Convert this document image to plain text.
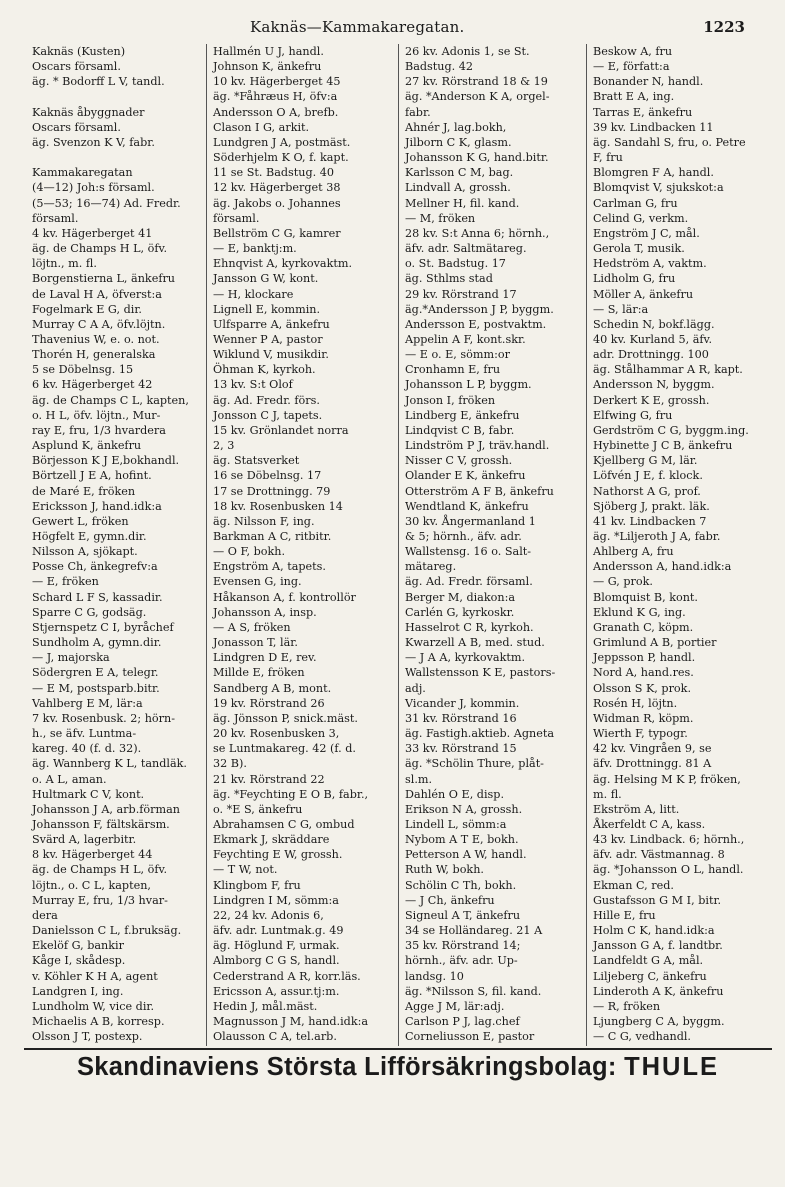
Kaknäs—Kammakaregatan.	1223
Kaknäs (Kusten)
Oscars församl.
äg. * Bodorff L V, tandl.

Kaknäs åbyggnader
Oscars församl.
äg. Svenzon K V, fabr.

Kammakaregatan
(4—12) Joh:s församl.
(5—53; 16—74) Ad. Fredr.
församl.
4 kv. Hägerberget 41
äg. de Champs H L, öfv.
löjtn., m. fl.
Borgenstierna L, änkefru
de Laval H A, öfverst:a
Fogelmark E G, dir.
Murray C A A, öfv.löjtn.
Thavenius W, e. o. not.
Thorén H, generalska
5 se Döbelnsg. 15
6 kv. Hägerberget 42
äg. de Champs C L, kapten,
o. H L, öfv. löjtn., Mur-
ray E, fru, 1/3 hvardera
Asplund K, änkefru
Börjesson K J E,bokhandl.
Börtzell J E A, hofint.
de Maré E, fröken
Ericksson J, hand.idk:a
Gewert L, fröken
Högfelt E, gymn.dir.
Nilsson A, sjökapt.
Posse Ch, änkegrefv:a
— E, fröken
Schard L F S, kassadir.
Sparre C G, godsäg.
Stjernspetz C I, byråchef
Sundholm A, gymn.dir.
— J, majorska
Södergren E A, telegr.
— E M, postsparb.bitr.
Vahlberg E M, lär:a
7 kv. Rosenbusk. 2; hörn-
h., se äfv. Luntma-
kareg. 40 (f. d. 32).
äg. Wannberg K L, tandläk.
o. A L, aman.
Hultmark C V, kont.
Johansson J A, arb.förman
Johansson F, fältskärsm.
Svärd A, lagerbitr.
8 kv. Hägerberget 44
äg. de Champs H L, öfv.
löjtn., o. C L, kapten,
Murray E, fru, 1/3 hvar-
dera
Danielsson C L, f.bruksäg.
Ekelöf G, bankir
Kåge I, skådesp.
v. Köhler K H A, agent
Landgren I, ing.
Lundholm W, vice dir.
Michaelis A B, korresp.
Olsson J T, postexp.
Hallmén U J, handl.
Johnson K, änkefru
10 kv. Hägerberget 45
äg. *Fåhræus H, öfv:a
Andersson O A, brefb.
Clason I G, arkit.
Lundgren J A, postmäst.
Söderhjelm K O, f. kapt.
11 se St. Badstug. 40
12 kv. Hägerberget 38
äg. Jakobs o. Johannes
församl.
Bellström C G, kamrer
— E, banktj:m.
Ehnqvist A, kyrkovaktm.
Jansson G W, kont.
— H, klockare
Lignell E, kommin.
Ulfsparre A, änkefru
Wenner P A, pastor
Wiklund V, musikdir.
Öhman K, kyrkoh.
13 kv. S:t Olof
äg. Ad. Fredr. förs.
Jonsson C J, tapets.
15 kv. Grönlandet norra
2, 3
äg. Statsverket
16 se Döbelnsg. 17
17 se Drottningg. 79
18 kv. Rosenbusken 14
äg. Nilsson F, ing.
Barkman A C, ritbitr.
— O F, bokh.
Engström A, tapets.
Evensen G, ing.
Håkanson A, f. kontrollör
Johansson A, insp.
— A S, fröken
Jonasson T, lär.
Lindgren D E, rev.
Millde E, fröken
Sandberg A B, mont.
19 kv. Rörstrand 26
äg. Jönsson P, snick.mäst.
20 kv. Rosenbusken 3,
se Luntmakareg. 42 (f. d.
32 B).
21 kv. Rörstrand 22
äg. *Feychting E O B, fabr.,
o. *E S, änkefru
Abrahamsen C G, ombud
Ekmark J, skräddare
Feychting E W, grossh.
— T W, not.
Klingbom F, fru
Lindgren I M, sömm:a
22, 24 kv. Adonis 6,
äfv. adr. Luntmak.g. 49
äg. Höglund F, urmak.
Almborg C G S, handl.
Cederstrand A R, korr.läs.
Ericsson A, assur.tj:m.
Hedin J, mål.mäst.
Magnusson J M, hand.idk:a
Olausson C A, tel.arb.
26 kv. Adonis 1, se St.
Badstug. 42
27 kv. Rörstrand 18 & 19
äg. *Anderson K A, orgel-
fabr.
Ahnér J, lag.bokh,
Jilborn C K, glasm.
Johansson K G, hand.bitr.
Karlsson C M, bag.
Lindvall A, grossh.
Mellner H, fil. kand.
— M, fröken
28 kv. S:t Anna 6; hörnh.,
äfv. adr. Saltmätareg.
o. St. Badstug. 17
äg. Sthlms stad
29 kv. Rörstrand 17
äg.*Andersson J P, byggm.
Andersson E, postvaktm.
Appelin A F, kont.skr.
— E o. E, sömm:or
Cronhamn E, fru
Johansson L P, byggm.
Jonson I, fröken
Lindberg E, änkefru
Lindqvist C B, fabr.
Lindström P J, träv.handl.
Nisser C V, grossh.
Olander E K, änkefru
Otterström A F B, änkefru
Wendtland K, änkefru
30 kv. Ångermanland 1
& 5; hörnh., äfv. adr.
Wallstensg. 16 o. Salt-
mätareg.
äg. Ad. Fredr. församl.
Berger M, diakon:a
Carlén G, kyrkoskr.
Hasselrot C R, kyrkoh.
Kwarzell A B, med. stud.
— J A A, kyrkovaktm.
Wallstensson K E, pastors-
adj.
Vicander J, kommin.
31 kv. Rörstrand 16
äg. Fastigh.aktieb. Agneta
33 kv. Rörstrand 15
äg. *Schölin Thure, plåt-
sl.m.
Dahlén O E, disp.
Erikson N A, grossh.
Lindell L, sömm:a
Nybom A T E, bokh.
Petterson A W, handl.
Ruth W, bokh.
Schölin C Th, bokh.
— J Ch, änkefru
Signeul A T, änkefru
34 se Holländareg. 21 A
35 kv. Rörstrand 14;
hörnh., äfv. adr. Up-
landsg. 10
äg. *Nilsson S, fil. kand.
Agge J M, lär:adj.
Carlson P J, lag.chef
Corneliusson E, pastor
Beskow A, fru
— E, författ:a
Bonander N, handl.
Bratt E A, ing.
Tarras E, änkefru
39 kv. Lindbacken 11
äg. Sandahl S, fru, o. Petre
F, fru
Blomgren F A, handl.
Blomqvist V, sjukskot:a
Carlman G, fru
Celind G, verkm.
Engström J C, mål.
Gerola T, musik.
Hedström A, vaktm.
Lidholm G, fru
Möller A, änkefru
— S, lär:a
Schedin N, bokf.lägg.
40 kv. Kurland 5, äfv.
adr. Drottningg. 100
äg. Stålhammar A R, kapt.
Andersson N, byggm.
Derkert K E, grossh.
Elfwing G, fru
Gerdström C G, byggm.ing.
Hybinette J C B, änkefru
Kjellberg G M, lär.
Löfvén J E, f. klock.
Nathorst A G, prof.
Sjöberg J, prakt. läk.
41 kv. Lindbacken 7
äg. *Liljeroth J A, fabr.
Ahlberg A, fru
Andersson A, hand.idk:a
— G, prok.
Blomquist B, kont.
Eklund K G, ing.
Granath C, köpm.
Grimlund A B, portier
Jeppsson P, handl.
Nord A, hand.res.
Olsson S K, prok.
Rosén H, löjtn.
Widman R, köpm.
Wierth F, typogr.
42 kv. Vingråen 9, se
äfv. Drottningg. 81 A
äg. Helsing M K P, fröken,
m. fl.
Ekström A, litt.
Åkerfeldt C A, kass.
43 kv. Lindback. 6; hörnh.,
äfv. adr. Västmannag. 8
äg. *Johansson O L, handl.
Ekman C, red.
Gustafsson G M I, bitr.
Hille E, fru
Holm C K, hand.idk:a
Jansson G A, f. landtbr.
Landfeldt G A, mål.
Liljeberg C, änkefru
Linderoth A K, änkefru
— R, fröken
Ljungberg C A, byggm.
— C G, vedhandl.
Skandinaviens Största Lifförsäkringsbolag: THULE
